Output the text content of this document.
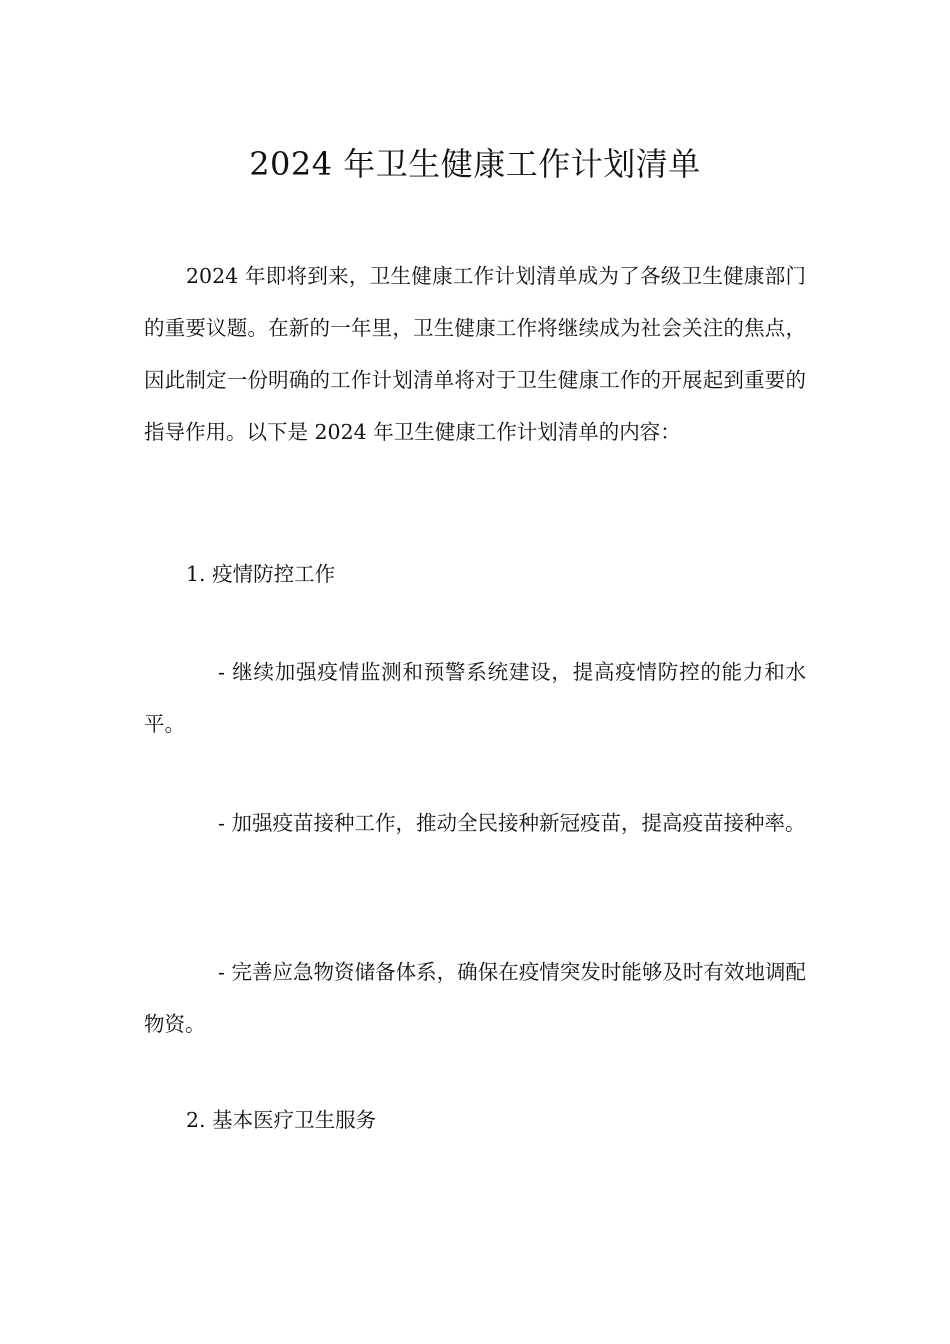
2024 年卫生健康工作计划清单

2024 年即将到来，卫生健康工作计划清单成为了各级卫生健康部门的重要议题。在新的一年里，卫生健康工作将继续成为社会关注的焦点，因此制定一份明确的工作计划清单将对于卫生健康工作的开展起到重要的指导作用。以下是 2024 年卫生健康工作计划清单的内容：

1. 疫情防控工作

- 继续加强疫情监测和预警系统建设，提高疫情防控的能力和水平。

- 加强疫苗接种工作，推动全民接种新冠疫苗，提高疫苗接种率。

- 完善应急物资储备体系，确保在疫情突发时能够及时有效地调配物资。

2. 基本医疗卫生服务
